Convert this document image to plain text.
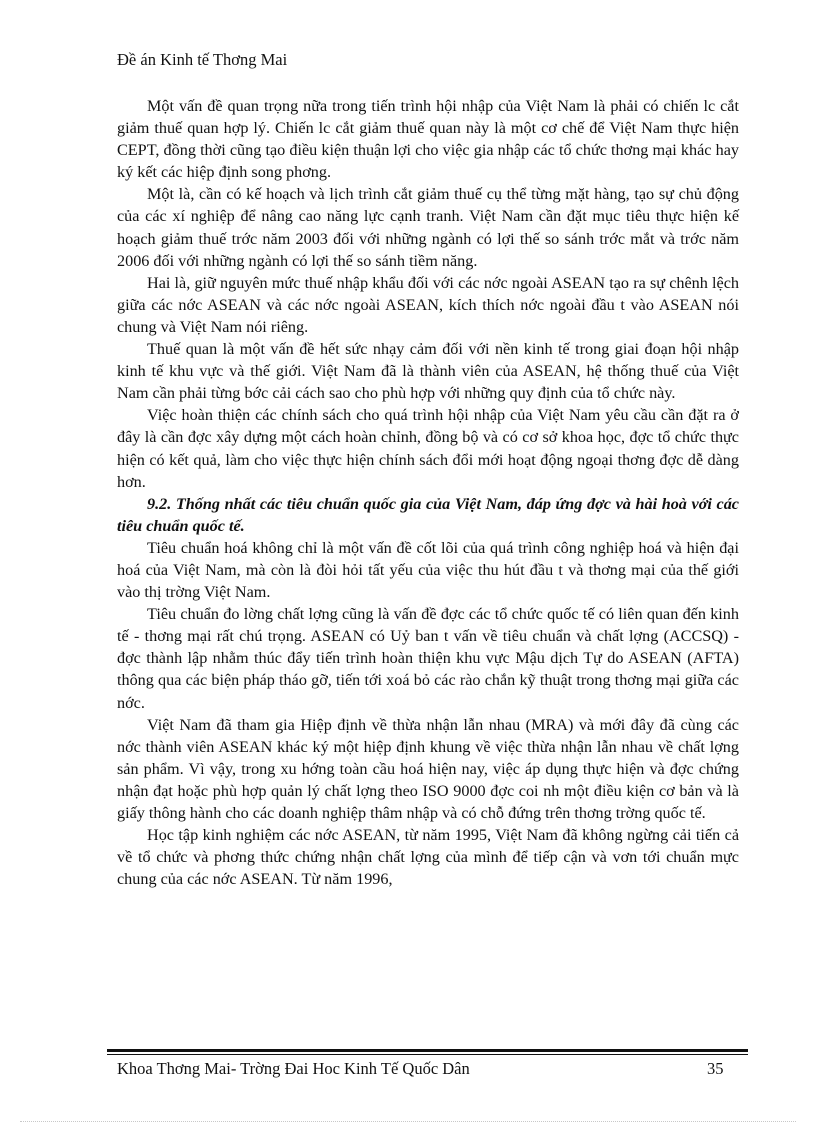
Đề án Kinh tế Thơng Mai

Một vấn đề quan trọng nữa trong tiến trình hội nhập của Việt Nam là phải có chiến lc cắt giảm thuế quan hợp lý. Chiến lc cắt giảm thuế quan này là một cơ chế để Việt Nam thực hiện CEPT, đồng thời cũng tạo điều kiện thuận lợi cho việc gia nhập các tổ chức thơng mại khác hay ký kết các hiệp định song phơng.

Một là, cần có kế hoạch và lịch trình cắt giảm thuế cụ thể từng mặt hàng, tạo sự chủ động của các xí nghiệp để nâng cao năng lực cạnh tranh. Việt Nam cần đặt mục tiêu thực hiện kế hoạch giảm thuế trớc năm 2003 đối với những ngành có lợi thế so sánh trớc mắt và trớc năm 2006 đối với những ngành có lợi thế so sánh tiềm năng.

Hai là, giữ nguyên mức thuế nhập khẩu đối với các nớc ngoài ASEAN tạo ra sự chênh lệch giữa các nớc ASEAN và các nớc ngoài ASEAN, kích thích nớc ngoài đầu t vào ASEAN nói chung và Việt Nam nói riêng.

Thuế quan là một vấn đề hết sức nhạy cảm đối với nền kinh tế trong giai đoạn hội nhập kinh tế khu vực và thế giới. Việt Nam đã là thành viên của ASEAN, hệ thống thuế của Việt Nam cần phải từng bớc cải cách sao cho phù hợp với những quy định của tổ chức này.

Việc hoàn thiện các chính sách cho quá trình hội nhập của Việt Nam yêu cầu cần đặt ra ở đây là cần đợc xây dựng một cách hoàn chỉnh, đồng bộ và có cơ sở khoa học, đợc tổ chức thực hiện có kết quả, làm cho việc thực hiện chính sách đổi mới hoạt động ngoại thơng đợc dễ dàng hơn.

9.2. Thống nhất các tiêu chuẩn quốc gia của Việt Nam, đáp ứng đợc và hài hoà với các tiêu chuẩn quốc tế.

Tiêu chuẩn hoá không chỉ là một vấn đề cốt lõi của quá trình công nghiệp hoá và hiện đại hoá của Việt Nam, mà còn là đòi hỏi tất yếu của việc thu hút đầu t và thơng mại của thế giới vào thị trờng Việt Nam.

Tiêu chuẩn đo lờng chất lợng cũng là vấn đề đợc các tổ chức quốc tế có liên quan đến kinh tế - thơng mại rất chú trọng. ASEAN có Uỷ ban t vấn về tiêu chuẩn và chất lợng (ACCSQ) - đợc thành lập nhằm thúc đẩy tiến trình hoàn thiện khu vực Mậu dịch Tự do ASEAN (AFTA) thông qua các biện pháp tháo gỡ, tiến tới xoá bỏ các rào chắn kỹ thuật trong thơng mại giữa các nớc.

Việt Nam đã tham gia Hiệp định về thừa nhận lẫn nhau (MRA) và mới đây đã cùng các nớc thành viên ASEAN khác ký một hiệp định khung về việc thừa nhận lẫn nhau về chất lợng sản phẩm. Vì vậy, trong xu hớng toàn cầu hoá hiện nay, việc áp dụng thực hiện và đợc chứng nhận đạt hoặc phù hợp quản lý chất lợng theo ISO 9000 đợc coi nh một điều kiện cơ bản và là giấy thông hành cho các doanh nghiệp thâm nhập và có chỗ đứng trên thơng trờng quốc tế.

Học tập kinh nghiệm các nớc ASEAN, từ năm 1995, Việt Nam đã không ngừng cải tiến cả về tổ chức và phơng thức chứng nhận chất lợng của mình để tiếp cận và vơn tới chuẩn mực chung của các nớc ASEAN. Từ năm 1996,

Khoa Thơng Mai- Trờng Đai Hoc Kinh Tế Quốc Dân	35
